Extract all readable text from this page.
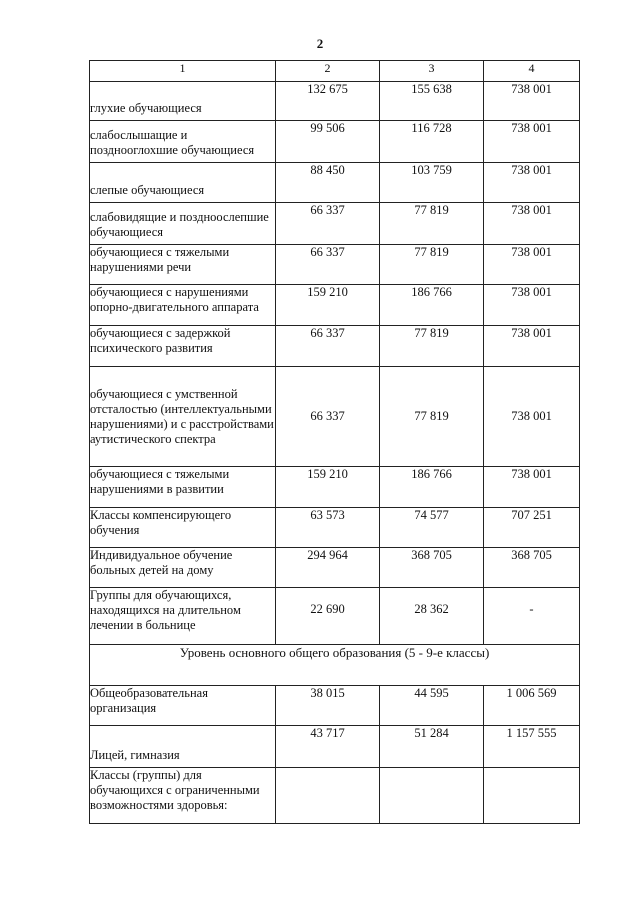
2
1	2	3	4
глухие обучающиеся	132 675	155 638	738 001
слабослышащие и позднооглохшие обучающиеся	99 506	116 728	738 001
слепые обучающиеся	88 450	103 759	738 001
слабовидящие и поздноослепшие обучающиеся	66 337	77 819	738 001
обучающиеся с тяжелыми нарушениями речи	66 337	77 819	738 001
обучающиеся с нарушениями опорно-двигательного аппарата	159 210	186 766	738 001
обучающиеся с задержкой психического развития	66 337	77 819	738 001
обучающиеся с умственной отсталостью (интеллектуальными нарушениями) и с расстройствами аутистического спектра	66 337	77 819	738 001
обучающиеся с тяжелыми нарушениями в развитии	159 210	186 766	738 001
Классы компенсирующего обучения	63 573	74 577	707 251
Индивидуальное обучение больных детей на дому	294 964	368 705	368 705
Группы для обучающихся, находящихся на длительном лечении в больнице	22 690	28 362	-
Уровень основного общего образования (5 - 9-е классы)			
Общеобразовательная организация	38 015	44 595	1 006 569
Лицей, гимназия	43 717	51 284	1 157 555
Классы (группы) для обучающихся с ограниченными возможностями здоровья:			
